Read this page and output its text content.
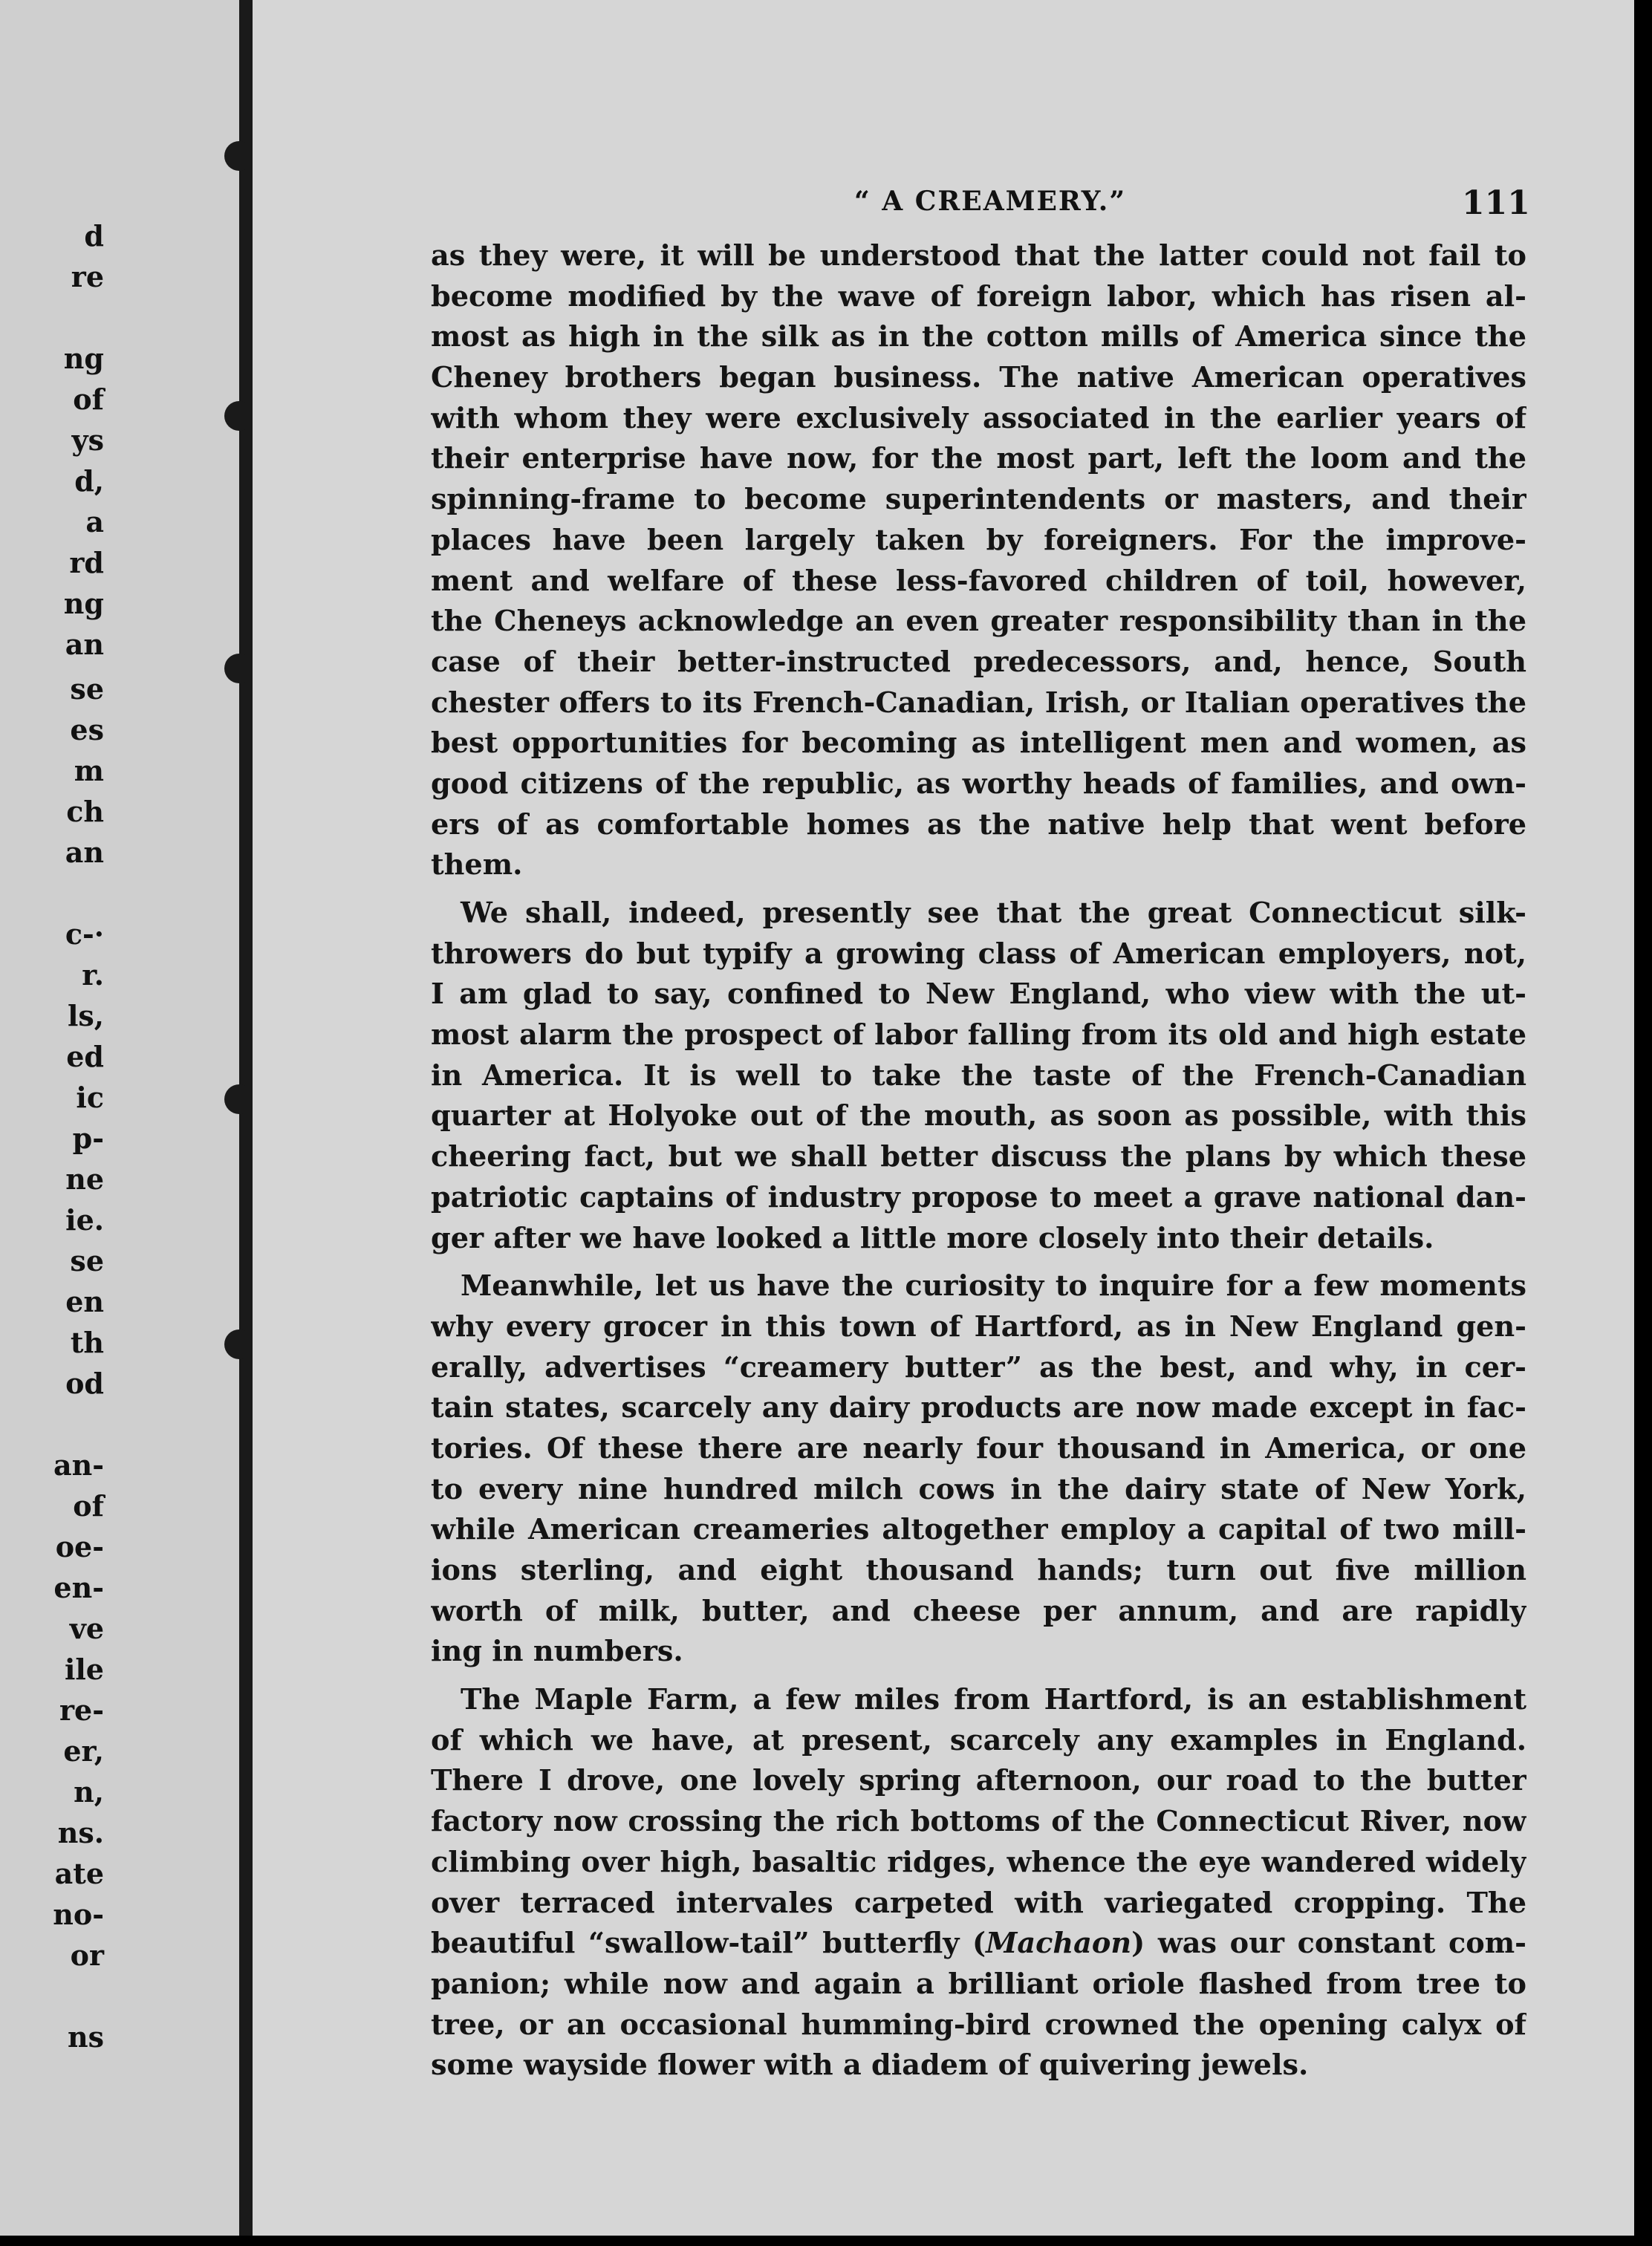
d
re
ng
of
ys
d,
a
rd
ng
an
se
es
m
ch
an
c-·
r.
ls,
ed
ic
p-
ne
ie.
se
en
th
od
an-
of
oe-
en-
ve
ile
re-
er,
n,
ns.
ate
no-
or
ns
“ A CREAMERY.”	111
as they were, it will be understood that the latter could not fail to
become modified by the wave of foreign labor, which has risen al-
most as high in the silk as in the cotton mills of America since the
Cheney brothers began business. The native American operatives
with whom they were exclusively associated in the earlier years of
their enterprise have now, for the most part, left the loom and the
spinning-frame to become superintendents or masters, and their
places have been largely taken by foreigners. For the improve-
ment and welfare of these less-favored children of toil, however,
the Cheneys acknowledge an even greater responsibility than in the
case of their better-instructed predecessors, and, hence, South
chester offers to its French-Canadian, Irish, or Italian operatives the
best opportunities for becoming as intelligent men and women, as
good citizens of the republic, as worthy heads of families, and own-
ers of as comfortable homes as the native help that went before
them.
We shall, indeed, presently see that the great Connecticut silk-
throwers do but typify a growing class of American employers, not,
I am glad to say, confined to New England, who view with the ut-
most alarm the prospect of labor falling from its old and high estate
in America. It is well to take the taste of the French-Canadian
quarter at Holyoke out of the mouth, as soon as possible, with this
cheering fact, but we shall better discuss the plans by which these
patriotic captains of industry propose to meet a grave national dan-
ger after we have looked a little more closely into their details.
Meanwhile, let us have the curiosity to inquire for a few moments
why every grocer in this town of Hartford, as in New England gen-
erally, advertises “creamery butter” as the best, and why, in cer-
tain states, scarcely any dairy products are now made except in fac-
tories. Of these there are nearly four thousand in America, or one
to every nine hundred milch cows in the dairy state of New York,
while American creameries altogether employ a capital of two mill-
ions sterling, and eight thousand hands; turn out five million
worth of milk, butter, and cheese per annum, and are rapidly
ing in numbers.
The Maple Farm, a few miles from Hartford, is an establishment
of which we have, at present, scarcely any examples in England.
There I drove, one lovely spring afternoon, our road to the butter
factory now crossing the rich bottoms of the Connecticut River, now
climbing over high, basaltic ridges, whence the eye wandered widely
over terraced intervales carpeted with variegated cropping. The
beautiful “swallow-tail” butterfly (Machaon) was our constant com-
panion; while now and again a brilliant oriole flashed from tree to
tree, or an occasional humming-bird crowned the opening calyx of
some wayside flower with a diadem of quivering jewels.
